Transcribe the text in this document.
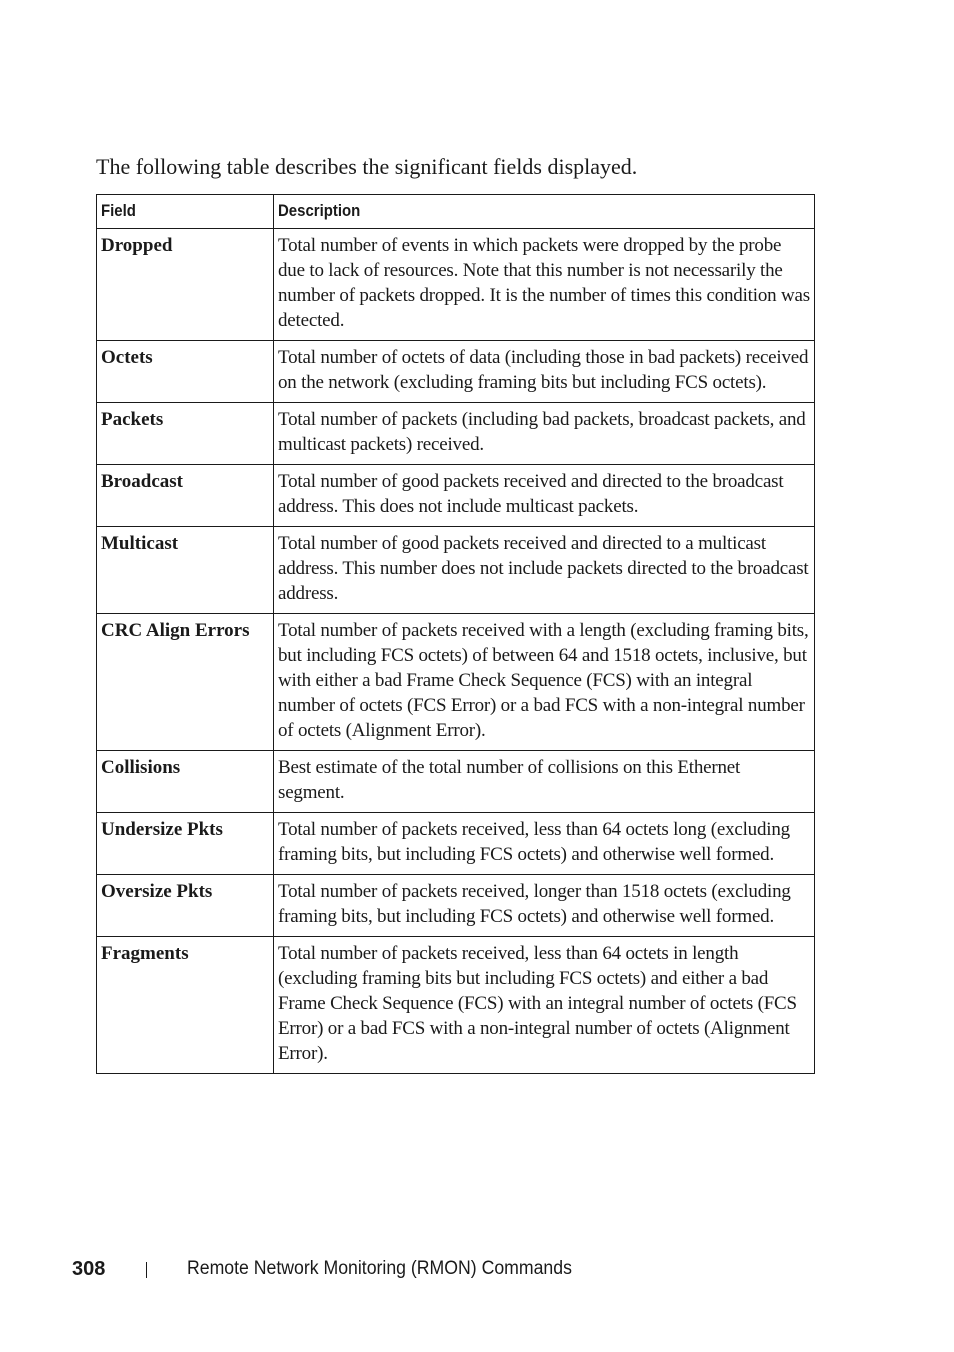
The following table describes the significant fields displayed.

Field	Description
Dropped	Total number of events in which packets were dropped by the probe due to lack of resources. Note that this number is not necessarily the number of packets dropped. It is the number of times this condition was detected.
Octets	Total number of octets of data (including those in bad packets) received on the network (excluding framing bits but including FCS octets).
Packets	Total number of packets (including bad packets, broadcast packets, and multicast packets) received.
Broadcast	Total number of good packets received and directed to the broadcast address. This does not include multicast packets.
Multicast	Total number of good packets received and directed to a multicast address. This number does not include packets directed to the broadcast address.
CRC Align Errors	Total number of packets received with a length (excluding framing bits, but including FCS octets) of between 64 and 1518 octets, inclusive, but with either a bad Frame Check Sequence (FCS) with an integral number of octets (FCS Error) or a bad FCS with a non-integral number of octets (Alignment Error).
Collisions	Best estimate of the total number of collisions on this Ethernet segment.
Undersize Pkts	Total number of packets received, less than 64 octets long (excluding framing bits, but including FCS octets) and otherwise well formed.
Oversize Pkts	Total number of packets received, longer than 1518 octets (excluding framing bits, but including FCS octets) and otherwise well formed.
Fragments	Total number of packets received, less than 64 octets in length (excluding framing bits but including FCS octets) and either a bad Frame Check Sequence (FCS) with an integral number of octets (FCS Error) or a bad FCS with a non-integral number of octets (Alignment Error).
308	Remote Network Monitoring (RMON) Commands
